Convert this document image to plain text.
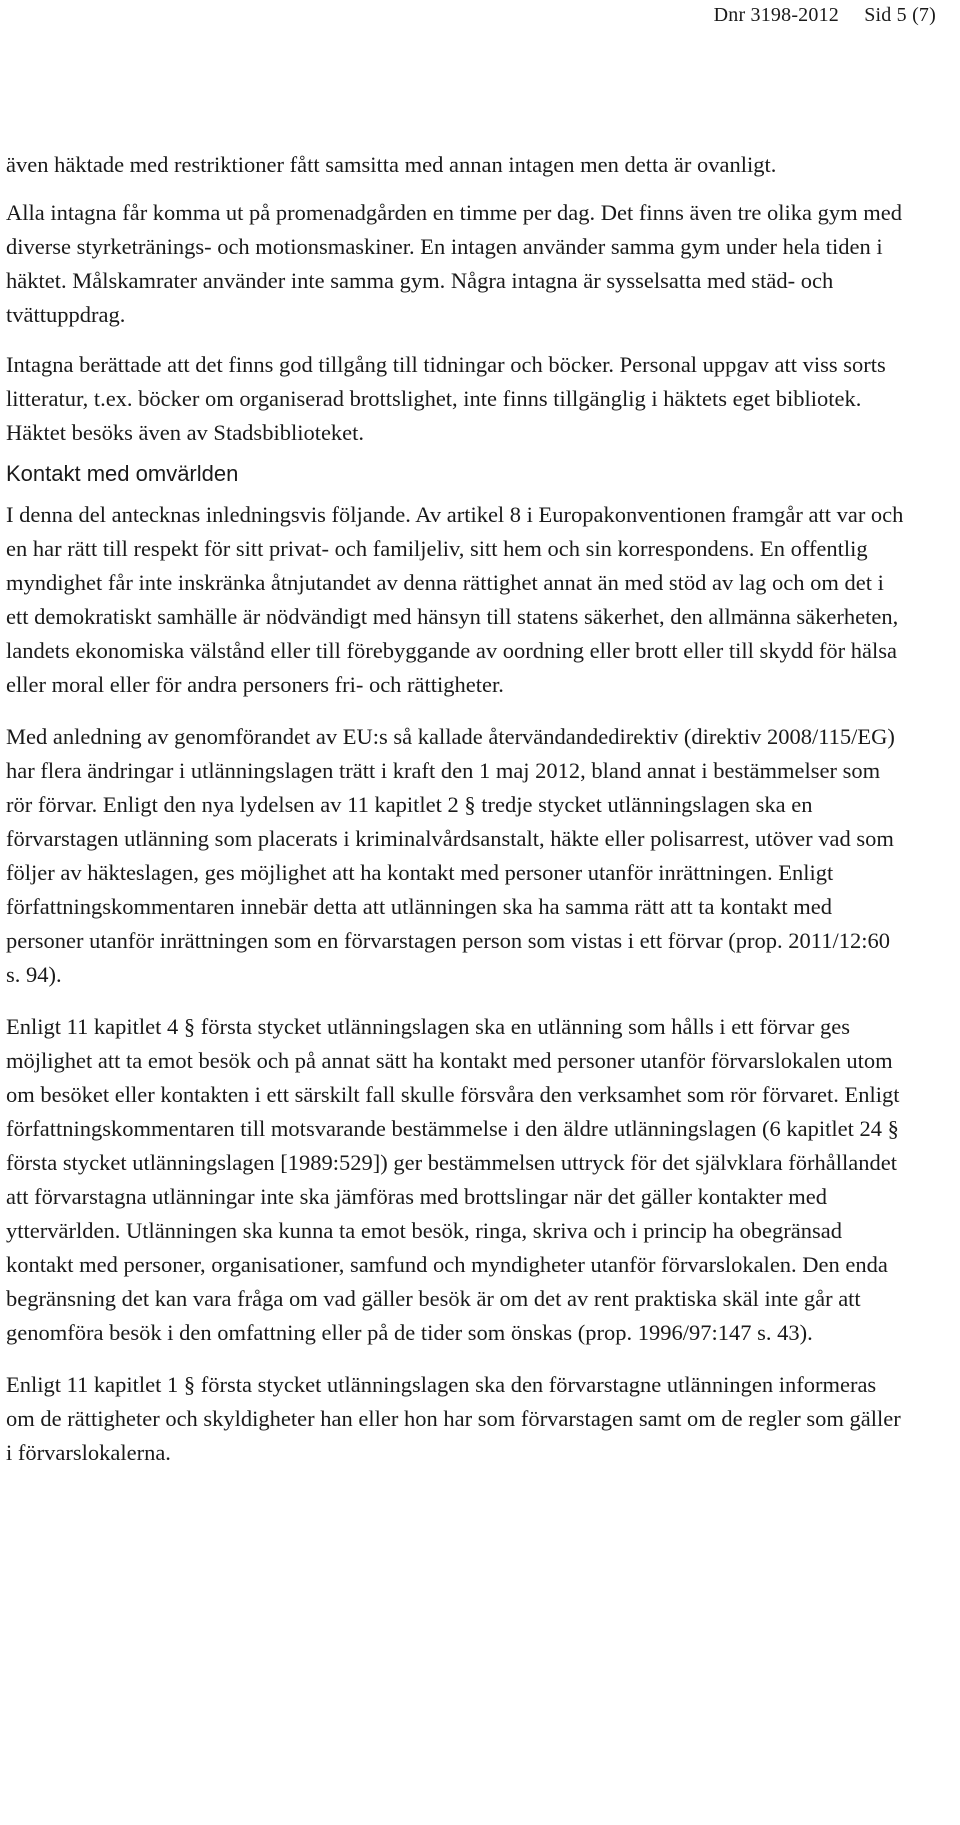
Dnr 3198-2012 Sid 5 (7)

även häktade med restriktioner fått samsitta med annan intagen men detta är ovanligt.

Alla intagna får komma ut på promenadgården en timme per dag. Det finns även tre olika gym med diverse styrketränings- och motionsmaskiner. En intagen använder samma gym under hela tiden i häktet. Målskamrater använder inte samma gym. Några intagna är sysselsatta med städ- och tvättuppdrag.

Intagna berättade att det finns god tillgång till tidningar och böcker. Personal uppgav att viss sorts litteratur, t.ex. böcker om organiserad brottslighet, inte finns tillgänglig i häktets eget bibliotek. Häktet besöks även av Stadsbiblioteket.

Kontakt med omvärlden

I denna del antecknas inledningsvis följande. Av artikel 8 i Europakonventionen framgår att var och en har rätt till respekt för sitt privat- och familjeliv, sitt hem och sin korrespondens. En offentlig myndighet får inte inskränka åtnjutandet av denna rättighet annat än med stöd av lag och om det i ett demokratiskt samhälle är nödvändigt med hänsyn till statens säkerhet, den allmänna säkerheten, landets ekonomiska välstånd eller till förebyggande av oordning eller brott eller till skydd för hälsa eller moral eller för andra personers fri- och rättigheter.

Med anledning av genomförandet av EU:s så kallade återvändandedirektiv (direktiv 2008/115/EG) har flera ändringar i utlänningslagen trätt i kraft den 1 maj 2012, bland annat i bestämmelser som rör förvar. Enligt den nya lydelsen av 11 kapitlet 2 § tredje stycket utlänningslagen ska en förvarstagen utlänning som placerats i kriminalvårdsanstalt, häkte eller polisarrest, utöver vad som följer av häkteslagen, ges möjlighet att ha kontakt med personer utanför inrättningen. Enligt författningskommentaren innebär detta att utlänningen ska ha samma rätt att ta kontakt med personer utanför inrättningen som en förvarstagen person som vistas i ett förvar (prop. 2011/12:60 s. 94).

Enligt 11 kapitlet 4 § första stycket utlänningslagen ska en utlänning som hålls i ett förvar ges möjlighet att ta emot besök och på annat sätt ha kontakt med personer utanför förvarslokalen utom om besöket eller kontakten i ett särskilt fall skulle försvåra den verksamhet som rör förvaret. Enligt författningskommentaren till motsvarande bestämmelse i den äldre utlänningslagen (6 kapitlet 24 § första stycket utlänningslagen [1989:529]) ger bestämmelsen uttryck för det självklara förhållandet att förvarstagna utlänningar inte ska jämföras med brottslingar när det gäller kontakter med yttervärlden. Utlänningen ska kunna ta emot besök, ringa, skriva och i princip ha obegränsad kontakt med personer, organisationer, samfund och myndigheter utanför förvarslokalen. Den enda begränsning det kan vara fråga om vad gäller besök är om det av rent praktiska skäl inte går att genomföra besök i den omfattning eller på de tider som önskas (prop. 1996/97:147 s. 43).

Enligt 11 kapitlet 1 § första stycket utlänningslagen ska den förvarstagne utlänningen informeras om de rättigheter och skyldigheter han eller hon har som förvarstagen samt om de regler som gäller i förvarslokalerna.
